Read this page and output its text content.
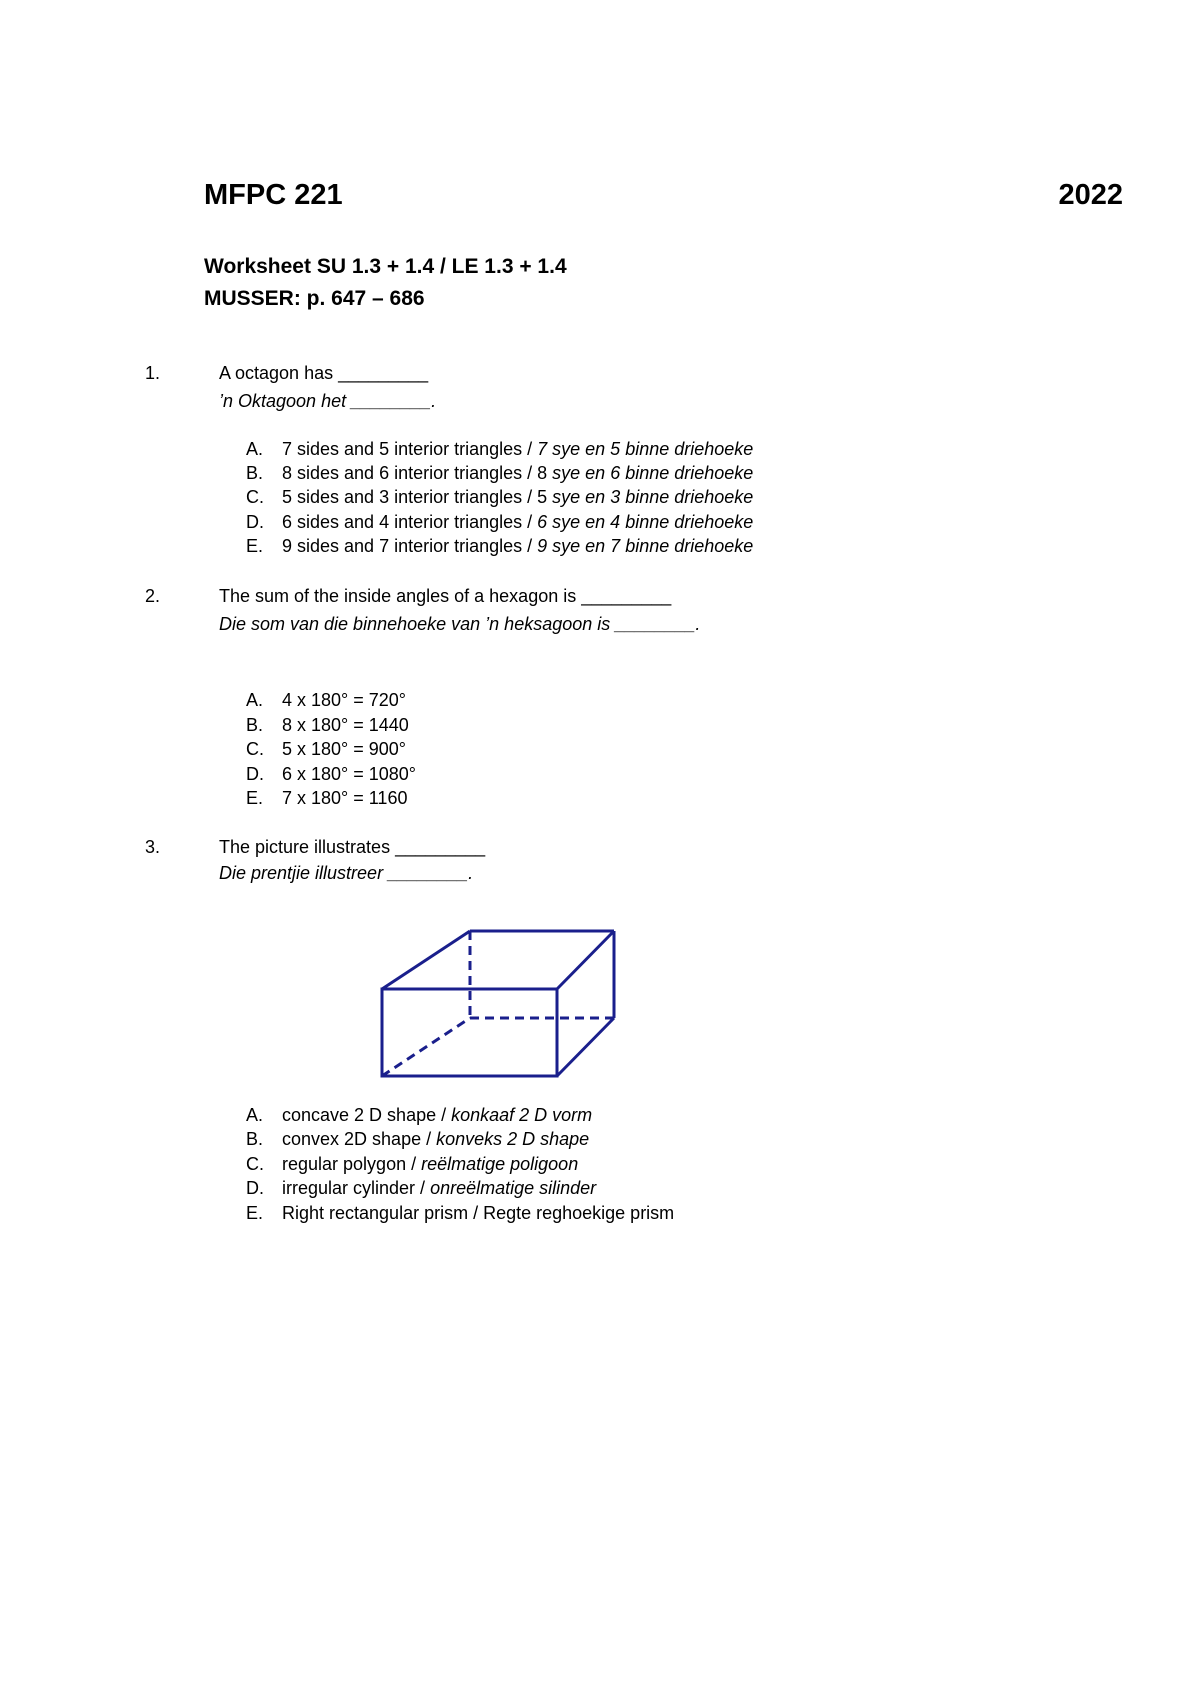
MFPC 221	2022
Worksheet SU 1.3 + 1.4 / LE 1.3 + 1.4
MUSSER: p. 647 – 686
1.	A octagon has _________
’n Oktagoon het ________.
A. 7 sides and 5 interior triangles / 7 sye en 5 binne driehoeke
B. 8 sides and 6 interior triangles / 8 sye en 6 binne driehoeke
C. 5 sides and 3 interior triangles / 5 sye en 3 binne driehoeke
D. 6 sides and 4 interior triangles / 6 sye en 4 binne driehoeke
E. 9 sides and 7 interior triangles / 9 sye en 7 binne driehoeke
2.	The sum of the inside angles of a hexagon is _________
Die som van die binnehoeke van ’n heksagoon is ________.
A. 4 x 180° = 720°
B. 8 x 180° = 1440
C. 5 x 180° = 900°
D. 6 x 180° = 1080°
E. 7 x 180° = 1160
3.	The picture illustrates _________
Die prentjie illustreer ________.
A. concave 2 D shape / konkaaf 2 D vorm
B. convex 2D shape / konveks 2 D shape
C. regular polygon / reëlmatige poligoon
D. irregular cylinder / onreëlmatige silinder
E. Right rectangular prism / Regte reghoekige prism
